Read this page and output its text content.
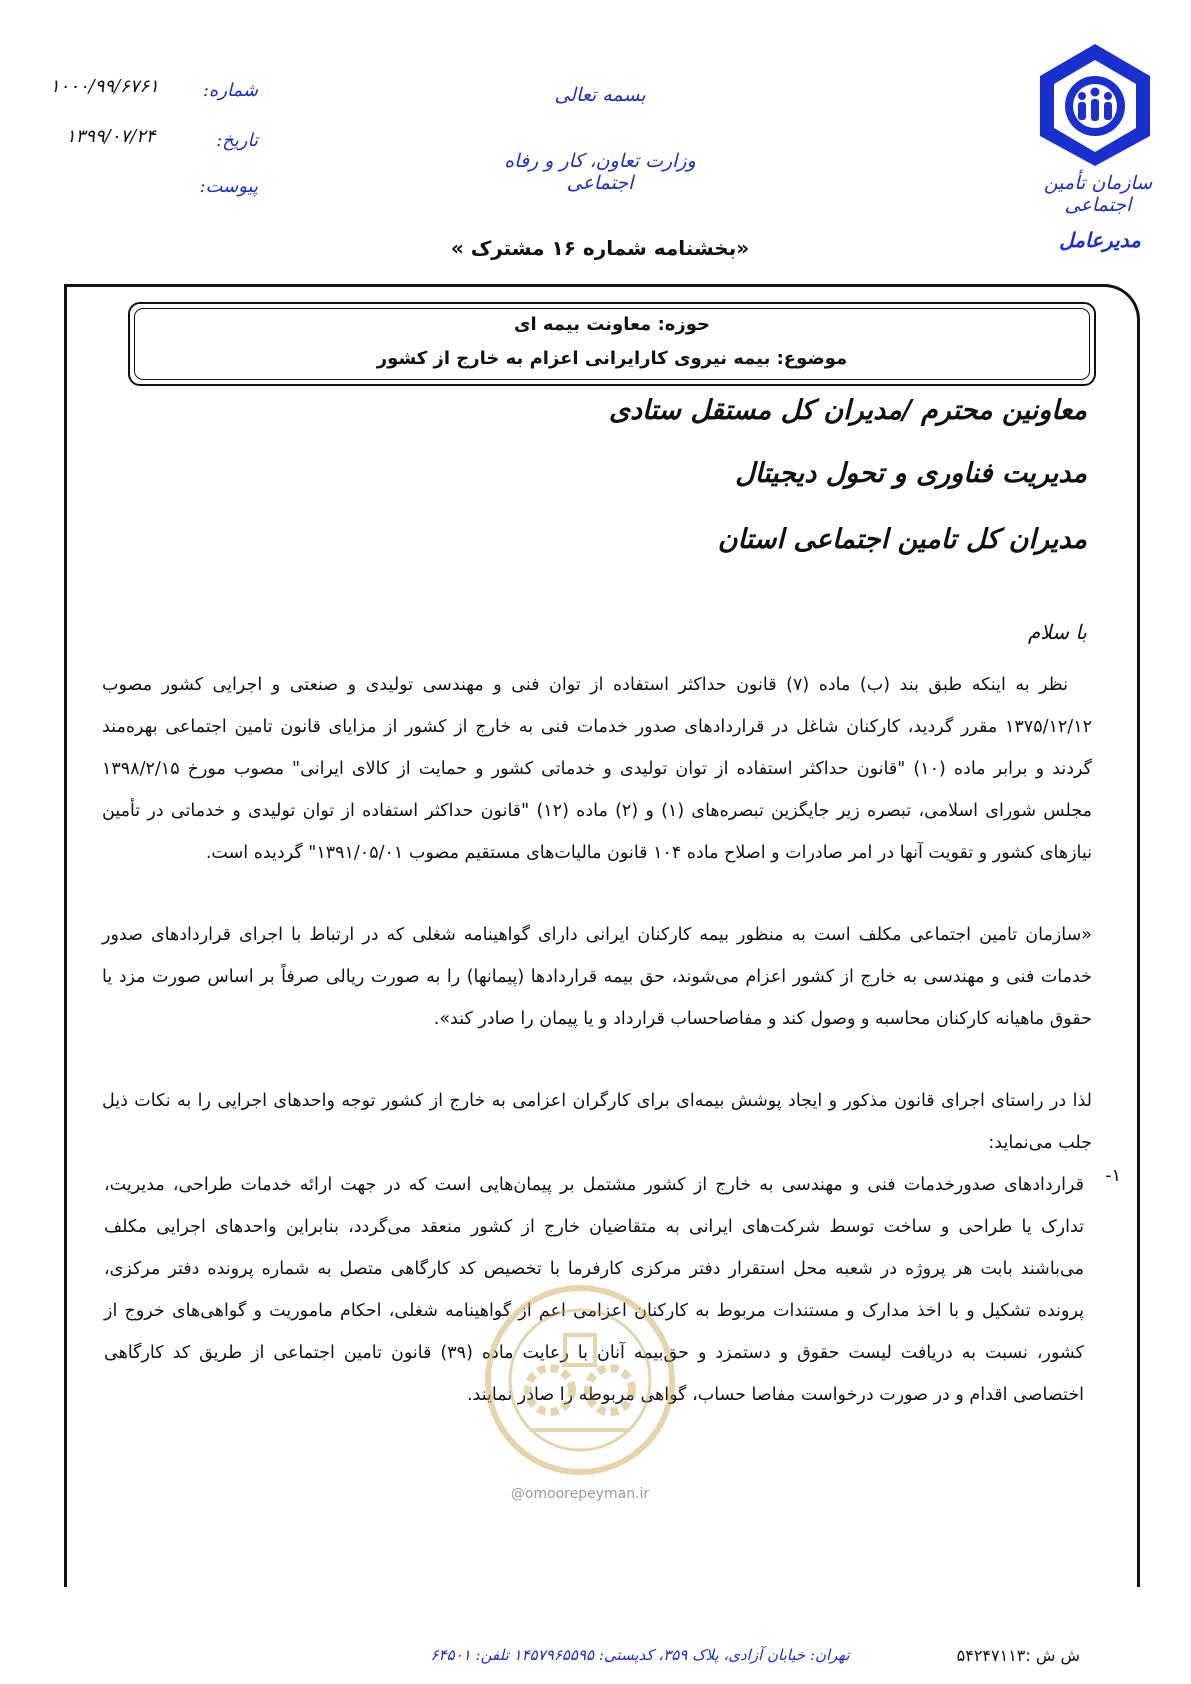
سازمان تأمین اجتماعی
مدیرعامل
بسمه تعالی
وزارت تعاون، کار و رفاه اجتماعی
شماره:
۱۰۰۰/۹۹/۶۷۶۱
تاریخ:
۱۳۹۹/۰۷/۲۴
پیوست:
«بخشنامه شماره ۱۶ مشترک »
حوزه: معاونت بیمه ای
موضوع: بیمه نیروی کارایرانی اعزام به خارج از کشور
معاونین محترم /مدیران کل مستقل ستادی
مدیریت فناوری و تحول دیجیتال
مدیران کل تامین اجتماعی استان
با سلام
نظر به اینکه طبق بند (ب) ماده (۷) قانون حداکثر استفاده از توان فنی و مهندسی تولیدی و صنعتی و اجرایی کشور مصوب ۱۳۷۵/۱۲/۱۲ مقرر گردید، کارکنان شاغل در قراردادهای صدور خدمات فنی به خارج از کشور از مزایای قانون تامین اجتماعی بهره‌مند گردند و برابر ماده (۱۰) "قانون حداکثر استفاده از توان تولیدی و خدماتی کشور و حمایت از کالای ایرانی" مصوب مورخ ۱۳۹۸/۲/۱۵ مجلس شورای اسلامی، تبصره زیر جایگزین تبصره‌های (۱) و (۲) ماده (۱۲) "قانون حداکثر استفاده از توان تولیدی و خدماتی در تأمین نیازهای کشور و تقویت آنها در امر صادرات و اصلاح ماده ۱۰۴ قانون مالیات‌های مستقیم مصوب ۱۳۹۱/۰۵/۰۱" گردیده است.
«سازمان تامین اجتماعی مکلف است به منظور بیمه کارکنان ایرانی دارای گواهینامه شغلی که در ارتباط با اجرای قراردادهای صدور خدمات فنی و مهندسی به خارج از کشور اعزام می‌شوند، حق بیمه قراردادها (پیمانها) را به صورت ریالی صرفاً بر اساس صورت مزد یا حقوق ماهیانه کارکنان محاسبه و وصول کند و مفاصاحساب قرارداد و یا پیمان را صادر کند».
لذا در راستای اجرای قانون مذکور و ایجاد پوشش بیمه‌ای برای کارگران اعزامی به خارج از کشور توجه واحدهای اجرایی را به نکات ذیل جلب می‌نماید:
۱-
قراردادهای صدورخدمات فنی و مهندسی به خارج از کشور مشتمل بر پیمان‌هایی است که در جهت ارائه خدمات طراحی، مدیریت، تدارک یا طراحی و ساخت توسط شرکت‌های ایرانی به متقاضیان خارج از کشور منعقد می‌گردد، بنابراین واحدهای اجرایی مکلف می‌باشند بابت هر پروژه در شعبه محل استقرار دفتر مرکزی کارفرما با تخصیص کد کارگاهی متصل به شماره پرونده دفتر مرکزی، پرونده تشکیل و با اخذ مدارک و مستندات مربوط به کارکنان اعزامی اعم از گواهینامه شغلی، احکام ماموریت و گواهی‌های خروج از کشور، نسبت به دریافت لیست حقوق و دستمزد و حق‌بیمه آنان با رعایت ماده (۳۹) قانون تامین اجتماعی از طریق کد کارگاهی اختصاصی اقدام و در صورت درخواست مفاصا حساب، گواهی مربوطه را صادر نمایند.
@omoorepeyman.ir
تهران: خیابان آزادی، پلاک ۳۵۹، کدپستی: ۱۴۵۷۹۶۵۵۹۵ تلفن: ۶۴۵۰۱	ش ش :۵۴۲۴۷۱۱۳
